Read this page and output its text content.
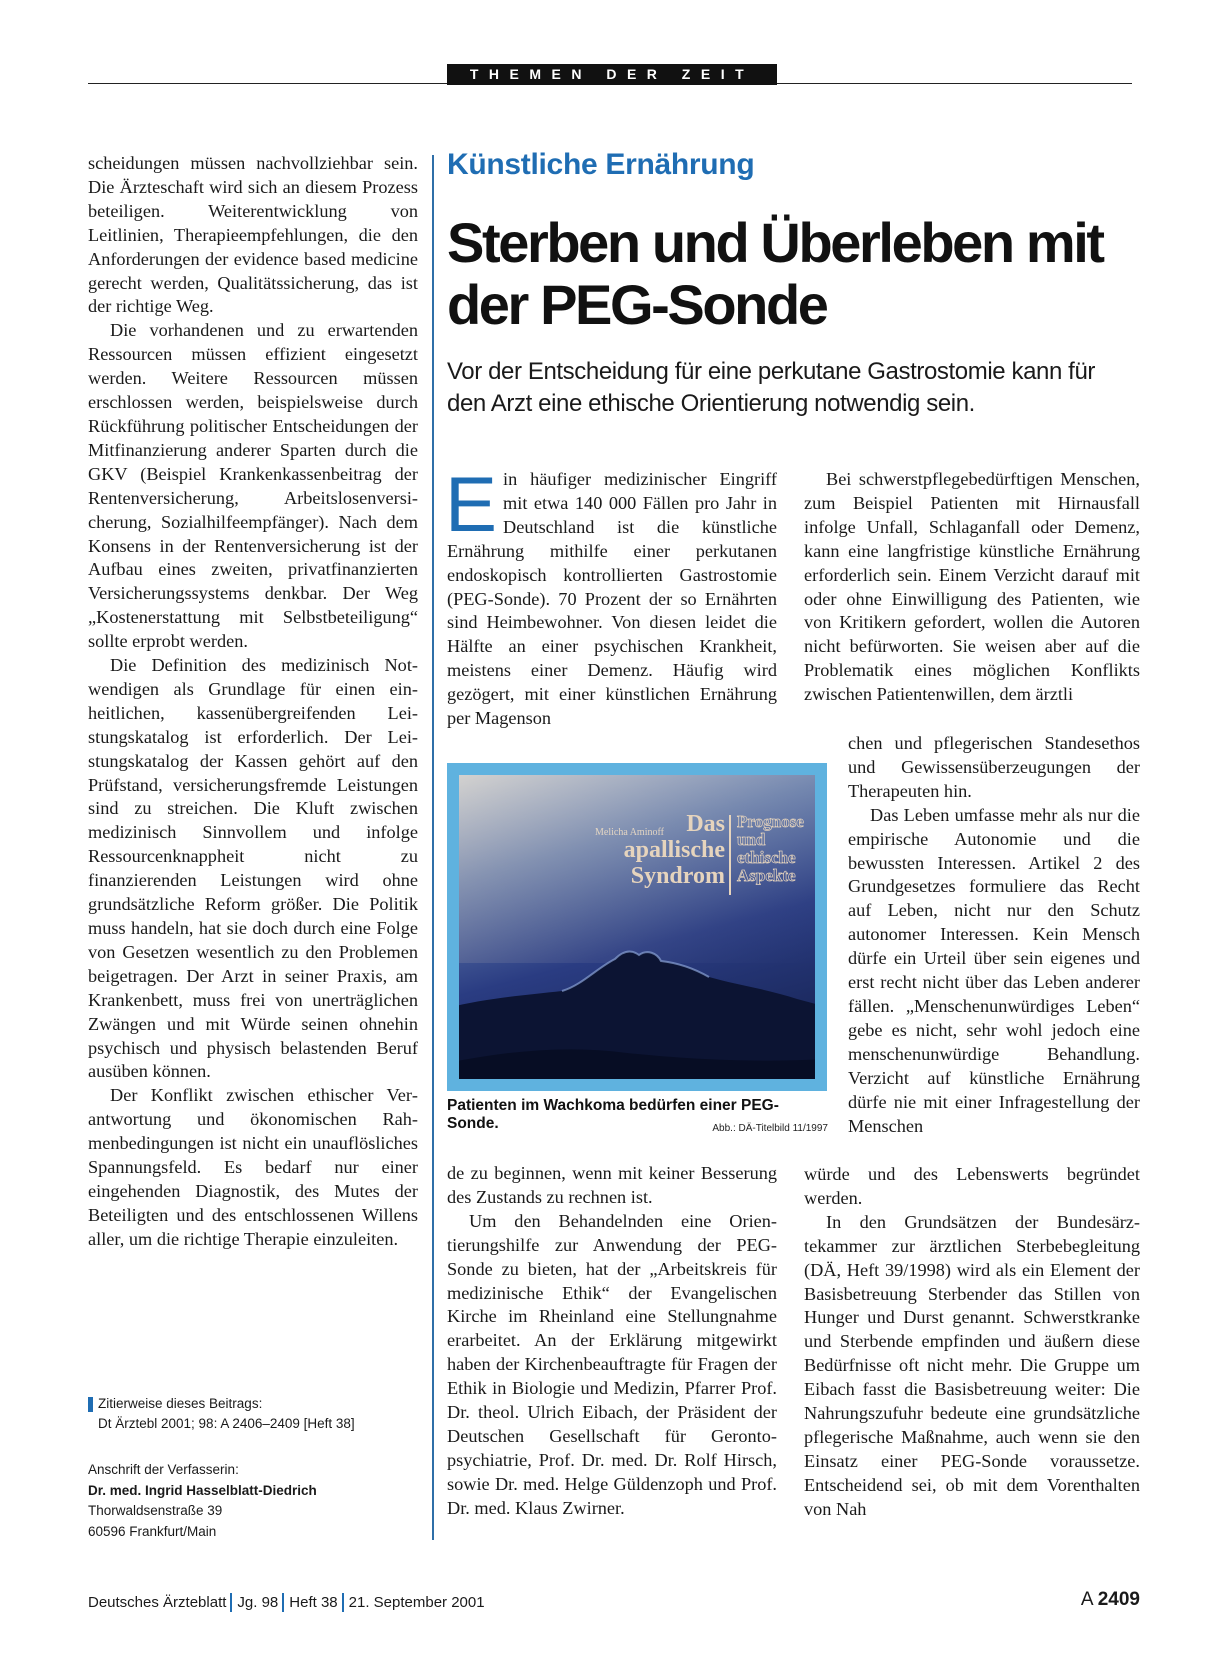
THEMEN DER ZEIT

scheidungen müssen nachvollziehbar sein. Die Ärzteschaft wird sich an diesem Prozess beteiligen. Weiterentwicklung von Leitlinien, Therapieempfehlungen, die den Anforderungen der evidence based medicine gerecht werden, Qualitätssicherung, das ist der richtige Weg.

Die vorhandenen und zu erwartenden Ressourcen müssen effizient eingesetzt werden. Weitere Ressourcen müssen erschlossen werden, beispielsweise durch Rückführung politischer Entscheidungen der Mitfinanzierung anderer Sparten durch die GKV (Beispiel Krankenkassenbeitrag der Rentenversicherung, Arbeitslosenversicherung, Sozialhilfeempfänger). Nach dem Konsens in der Rentenversicherung ist der Aufbau eines zweiten, privatfinanzierten Versicherungssystems denkbar. Der Weg „Kostenerstattung mit Selbstbeteiligung“ sollte erprobt werden.

Die Definition des medizinisch Notwendigen als Grundlage für einen einheitlichen, kassenübergreifenden Leistungskatalog ist erforderlich. Der Leistungskatalog der Kassen gehört auf den Prüfstand, versicherungsfremde Leistungen sind zu streichen. Die Kluft zwischen medizinisch Sinnvollem und infolge Ressourcenknappheit nicht zu finanzierenden Leistungen wird ohne grundsätzliche Reform größer. Die Politik muss handeln, hat sie doch durch eine Folge von Gesetzen wesentlich zu den Problemen beigetragen. Der Arzt in seiner Praxis, am Krankenbett, muss frei von unerträglichen Zwängen und mit Würde seinen ohnehin psychisch und physisch belastenden Beruf ausüben können.

Der Konflikt zwischen ethischer Verantwortung und ökonomischen Rahmenbedingungen ist nicht ein unauflösliches Spannungsfeld. Es bedarf nur einer eingehenden Diagnostik, des Mutes der Beteiligten und des entschlossenen Willens aller, um die richtige Therapie einzuleiten.

Zitierweise dieses Beitrags:

Dt Ärztebl 2001; 98: A 2406–2409 [Heft 38]

Anschrift der Verfasserin:

Dr. med. Ingrid Hasselblatt-Diedrich

Thorwaldsenstraße 39

60596 Frankfurt/Main

Künstliche Ernährung
Sterben und Überleben mit der PEG-Sonde

Vor der Entscheidung für eine perkutane Gastrostomie kann für den Arzt eine ethische Orientierung notwendig sein.

Ein häufiger medizinischer Eingriff mit etwa 140 000 Fällen pro Jahr in Deutschland ist die künstliche Ernährung mithilfe einer perkutanen endoskopisch kontrollierten Gastrostomie (PEG-Sonde). 70 Prozent der so Ernährten sind Heimbewohner. Von diesen leidet die Hälfte an einer psychischen Krankheit, meistens einer Demenz. Häufig wird gezögert, mit einer künstlichen Ernährung per Magenson

Melicha Aminoff Das
apallische
Syndrom
Prognose
und
ethische
Aspekte

Patienten im Wachkoma bedürfen einer PEG-Sonde.	Abb.: DÄ-Titelbild 11/1997

de zu beginnen, wenn mit keiner Besserung des Zustands zu rechnen ist.

Um den Behandelnden eine Orientierungshilfe zur Anwendung der PEG-Sonde zu bieten, hat der „Arbeitskreis für medizinische Ethik“ der Evangelischen Kirche im Rheinland eine Stellungnahme erarbeitet. An der Erklärung mitgewirkt haben der Kirchenbeauftragte für Fragen der Ethik in Biologie und Medizin, Pfarrer Prof. Dr. theol. Ulrich Eibach, der Präsident der Deutschen Gesellschaft für Gerontopsychiatrie, Prof. Dr. med. Dr. Rolf Hirsch, sowie Dr. med. Helge Güldenzoph und Prof. Dr. med. Klaus Zwirner.

Bei schwerstpflegebedürftigen Menschen, zum Beispiel Patienten mit Hirnausfall infolge Unfall, Schlaganfall oder Demenz, kann eine langfristige künstliche Ernährung erforderlich sein. Einem Verzicht darauf mit oder ohne Einwilligung des Patienten, wie von Kritikern gefordert, wollen die Autoren nicht befürworten. Sie weisen aber auf die Problematik eines möglichen Konflikts zwischen Patientenwillen, dem ärztli

chen und pflegerischen Standesethos und Gewissensüberzeugungen der Therapeuten hin.

Das Leben umfasse mehr als nur die empirische Autonomie und die bewussten Interessen. Artikel 2 des Grundgesetzes formuliere das Recht auf Leben, nicht nur den Schutz autonomer Interessen. Kein Mensch dürfe ein Urteil über sein eigenes und erst recht nicht über das Leben anderer fällen. „Menschenunwürdiges Leben“ gebe es nicht, sehr wohl jedoch eine menschenunwürdige Behandlung. Verzicht auf künstliche Ernährung dürfe nie mit einer Infragestellung der Menschen

würde und des Lebenswerts begründet werden.

In den Grundsätzen der Bundesärztekammer zur ärztlichen Sterbebegleitung (DÄ, Heft 39/1998) wird als ein Element der Basisbetreuung Sterbender das Stillen von Hunger und Durst genannt. Schwerstkranke und Sterbende empfinden und äußern diese Bedürfnisse oft nicht mehr. Die Gruppe um Eibach fasst die Basisbetreuung weiter: Die Nahrungszufuhr bedeute eine grundsätzliche pflegerische Maßnahme, auch wenn sie den Einsatz einer PEG-Sonde voraussetze. Entscheidend sei, ob mit dem Vorenthalten von Nah

Deutsches Ärzteblatt Jg. 98 Heft 38 21. September 2001	A 2409
